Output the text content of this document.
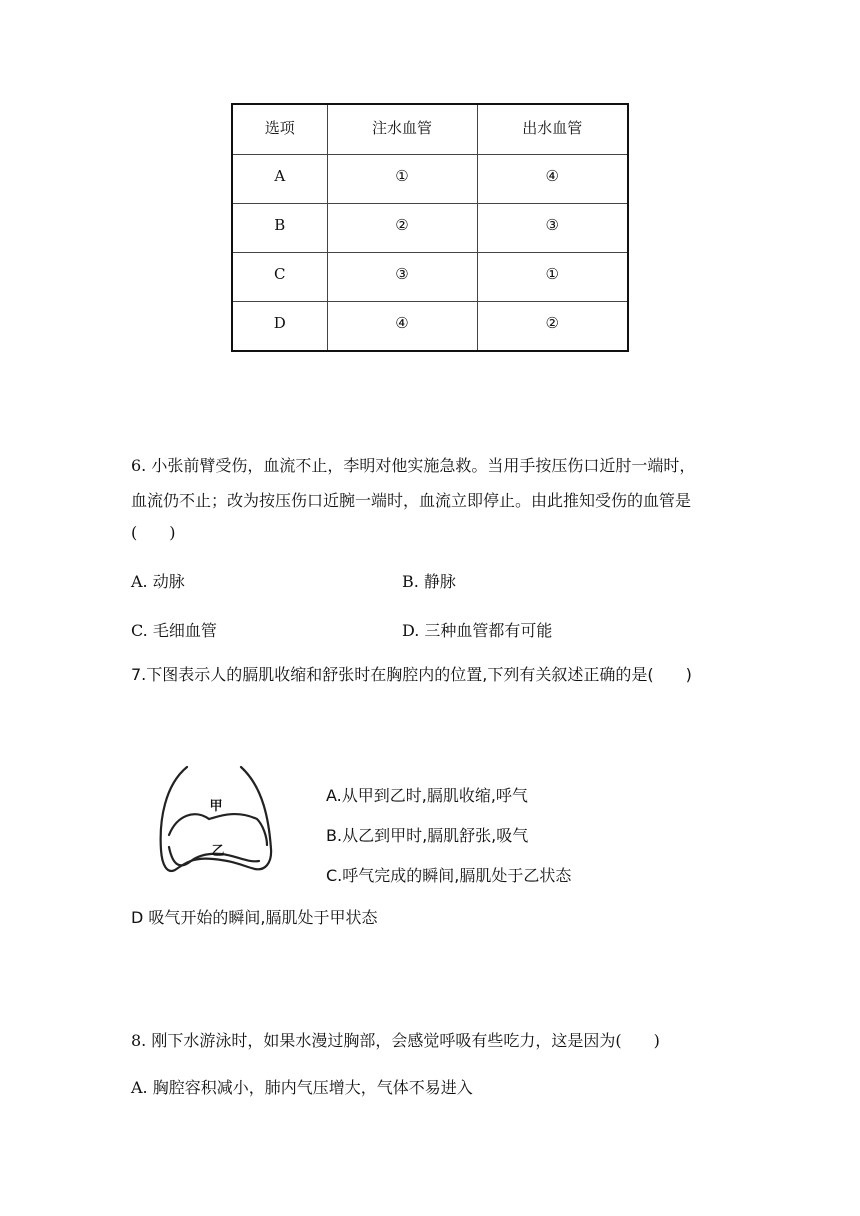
选项	注水血管	出水血管
A	①	④
B	②	③
C	③	①
D	④	②
6. 小张前臂受伤，血流不止，李明对他实施急救。当用手按压伤口近肘一端时，
血流仍不止；改为按压伤口近腕一端时，血流立即停止。由此推知受伤的血管是
(　　)
A. 动脉	B. 静脉
C. 毛细血管	D. 三种血管都有可能
7.下图表示人的膈肌收缩和舒张时在胸腔内的位置,下列有关叙述正确的是(　　)
甲
乙
A.从甲到乙时,膈肌收缩,呼气
B.从乙到甲时,膈肌舒张,吸气
C.呼气完成的瞬间,膈肌处于乙状态
D 吸气开始的瞬间,膈肌处于甲状态
8. 刚下水游泳时，如果水漫过胸部，会感觉呼吸有些吃力，这是因为(　　)
A. 胸腔容积减小，肺内气压增大，气体不易进入
